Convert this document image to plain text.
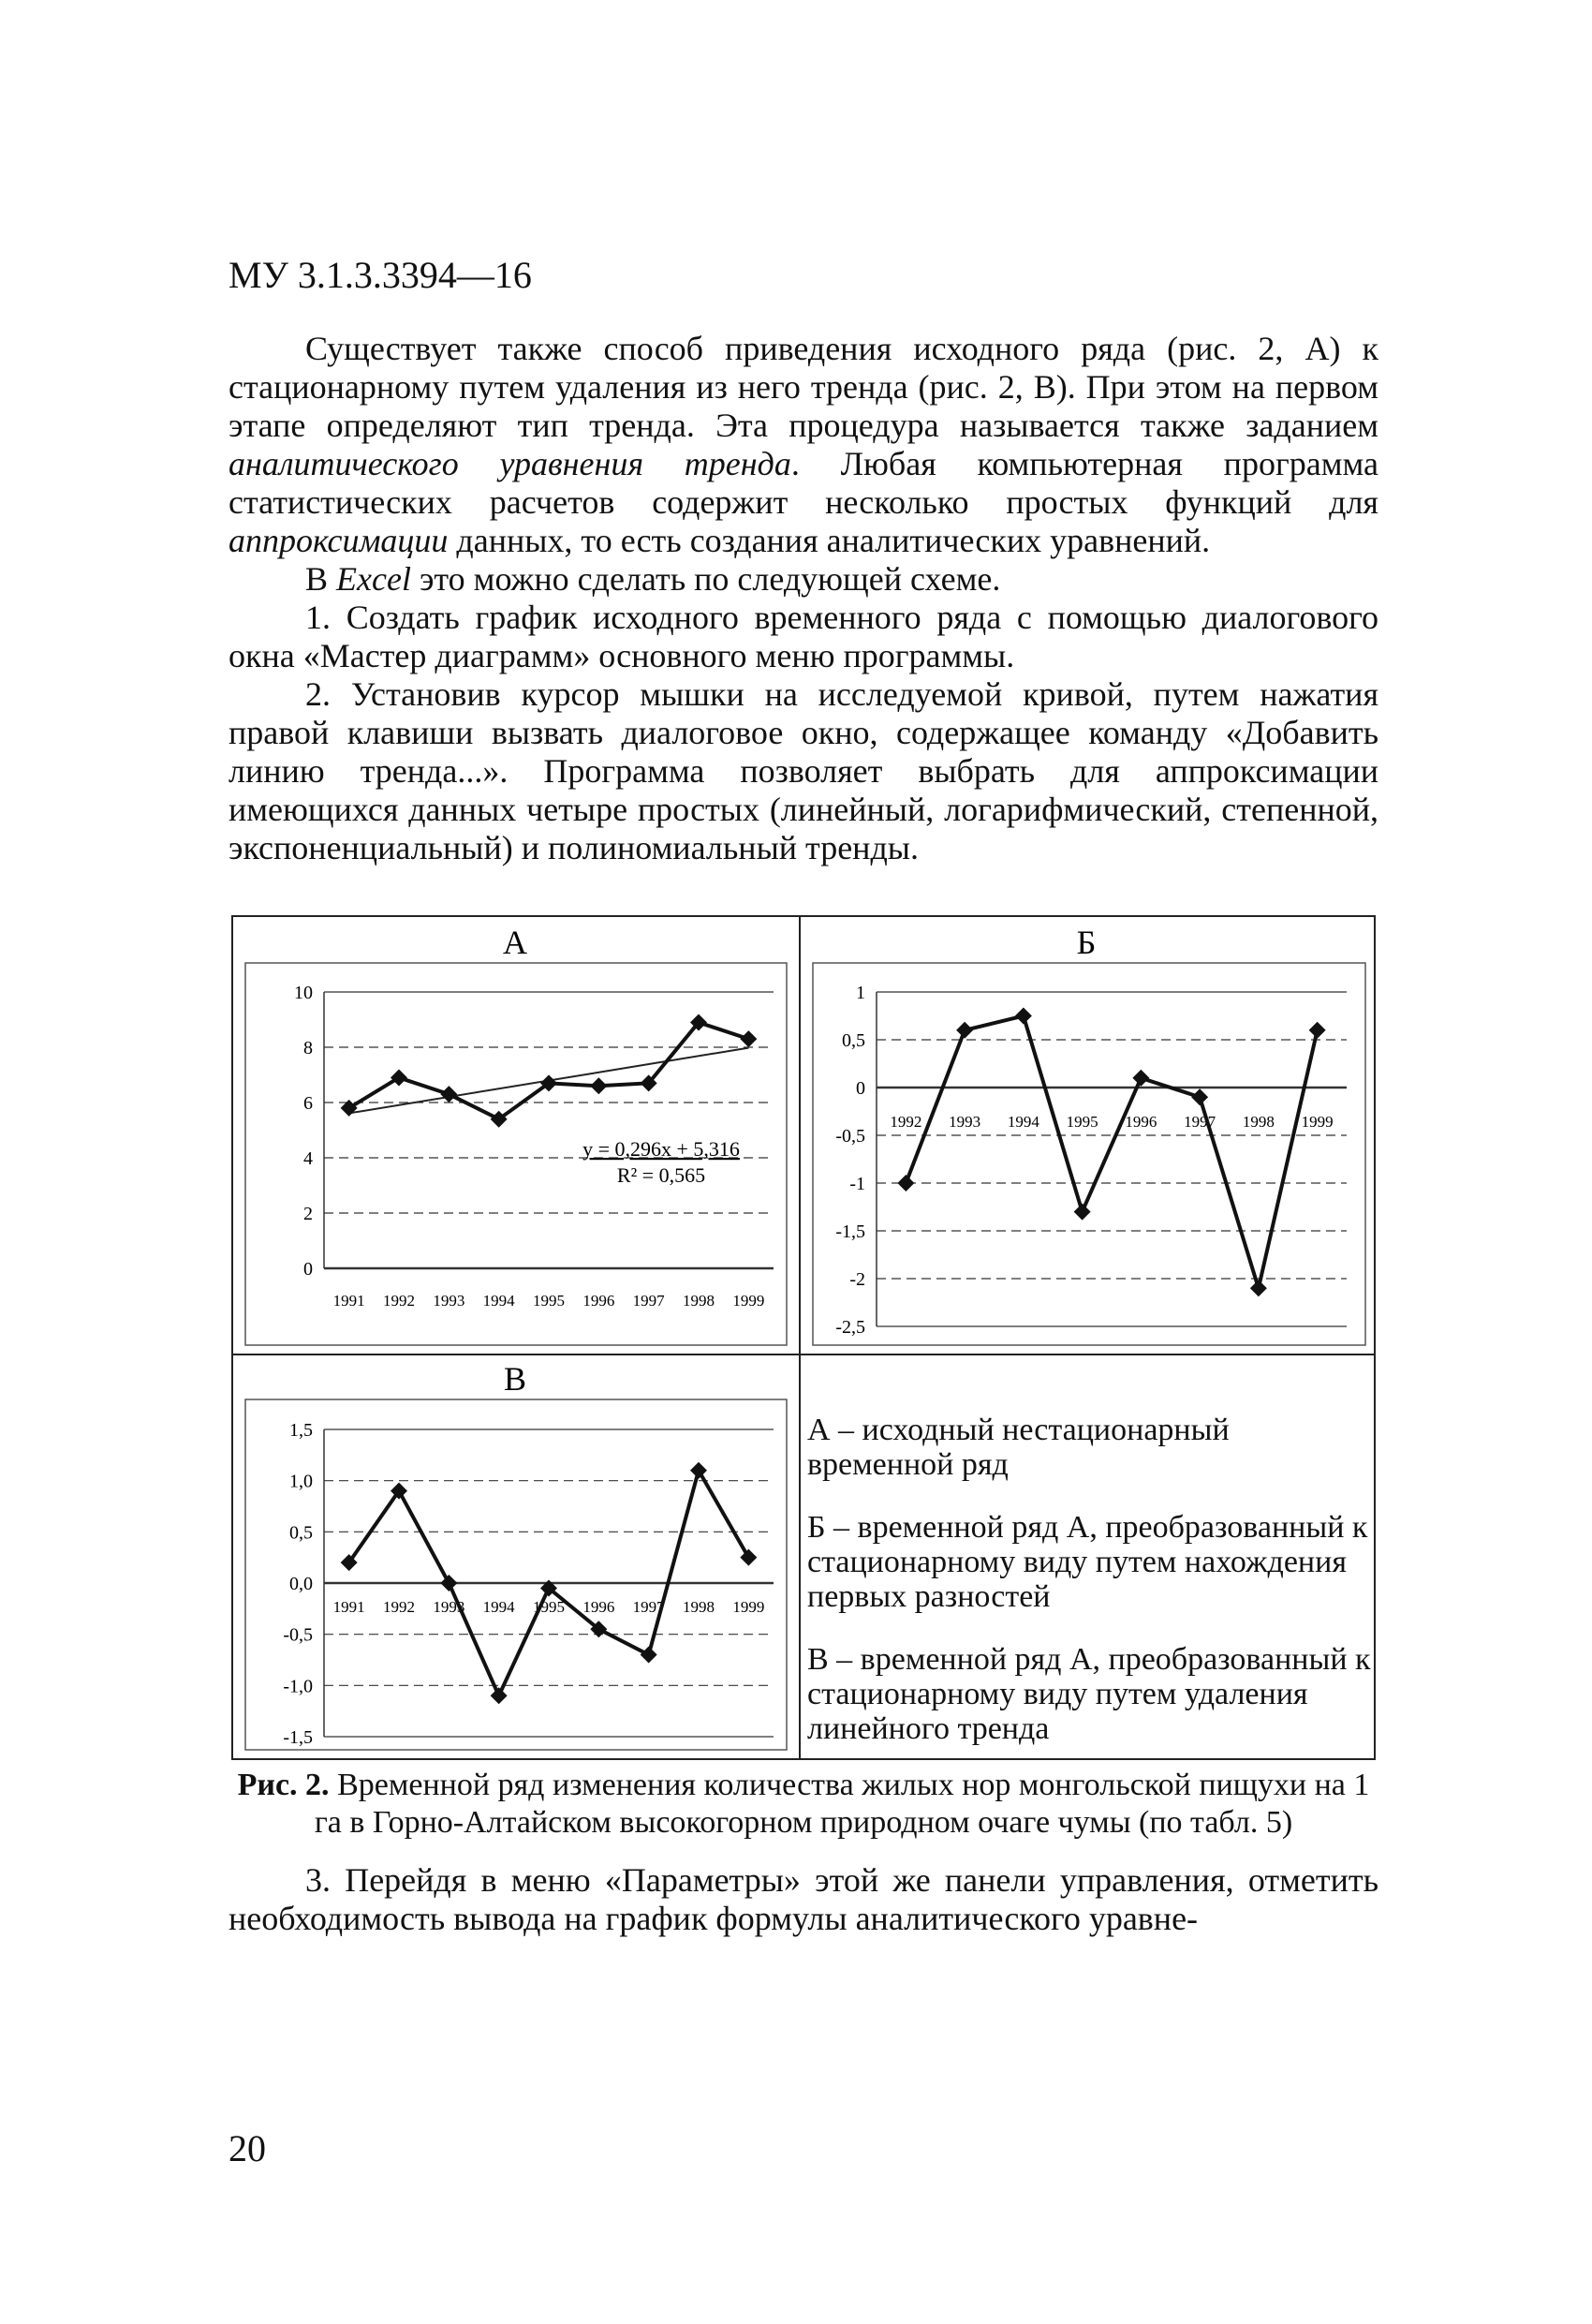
МУ 3.1.3.3394—16

Существует также способ приведения исходного ряда (рис. 2, А) к стационарному путем удаления из него тренда (рис. 2, В). При этом на первом этапе определяют тип тренда. Эта процедура называется также заданием аналитического уравнения тренда. Любая компьютерная программа статистических расчетов содержит несколько простых функций для аппроксимации данных, то есть создания аналитических уравнений.

В Excel это можно сделать по следующей схеме.

1. Создать график исходного временного ряда с помощью диалогового окна «Мастер диаграмм» основного меню программы.

2. Установив курсор мышки на исследуемой кривой, путем нажатия правой клавиши вызвать диалоговое окно, содержащее команду «Добавить линию тренда...». Программа позволяет выбрать для аппроксимации имеющихся данных четыре простых (линейный, логарифмический, степенной, экспоненциальный) и полиномиальный тренды.

А	Б
В
10
8
6
4
2
0
1991 1992 1993 1994 1995 1996 1997 1998 1999
y = 0,296x + 5,316
R² = 0,565
1
0,5
0
-0,5
-1
-1,5
-2
-2,5
1992 1993 1994 1995 1996 1997 1998 1999
1,5
1,0
0,5
0,0
-0,5
-1,0
-1,5
1991 1992 1993 1994 1995 1996 1997 1998 1999

А – исходный нестационарный временной ряд

Б – временной ряд А, преобразованный к стационарному виду путем нахождения первых разностей

В – временной ряд А, преобразованный к стационарному виду путем удаления линейного тренда

Рис. 2. Временной ряд изменения количества жилых нор монгольской пищухи на 1 га в Горно-Алтайском высокогорном природном очаге чумы (по табл. 5)

3. Перейдя в меню «Параметры» этой же панели управления, отметить необходимость вывода на график формулы аналитического уравне-

20
